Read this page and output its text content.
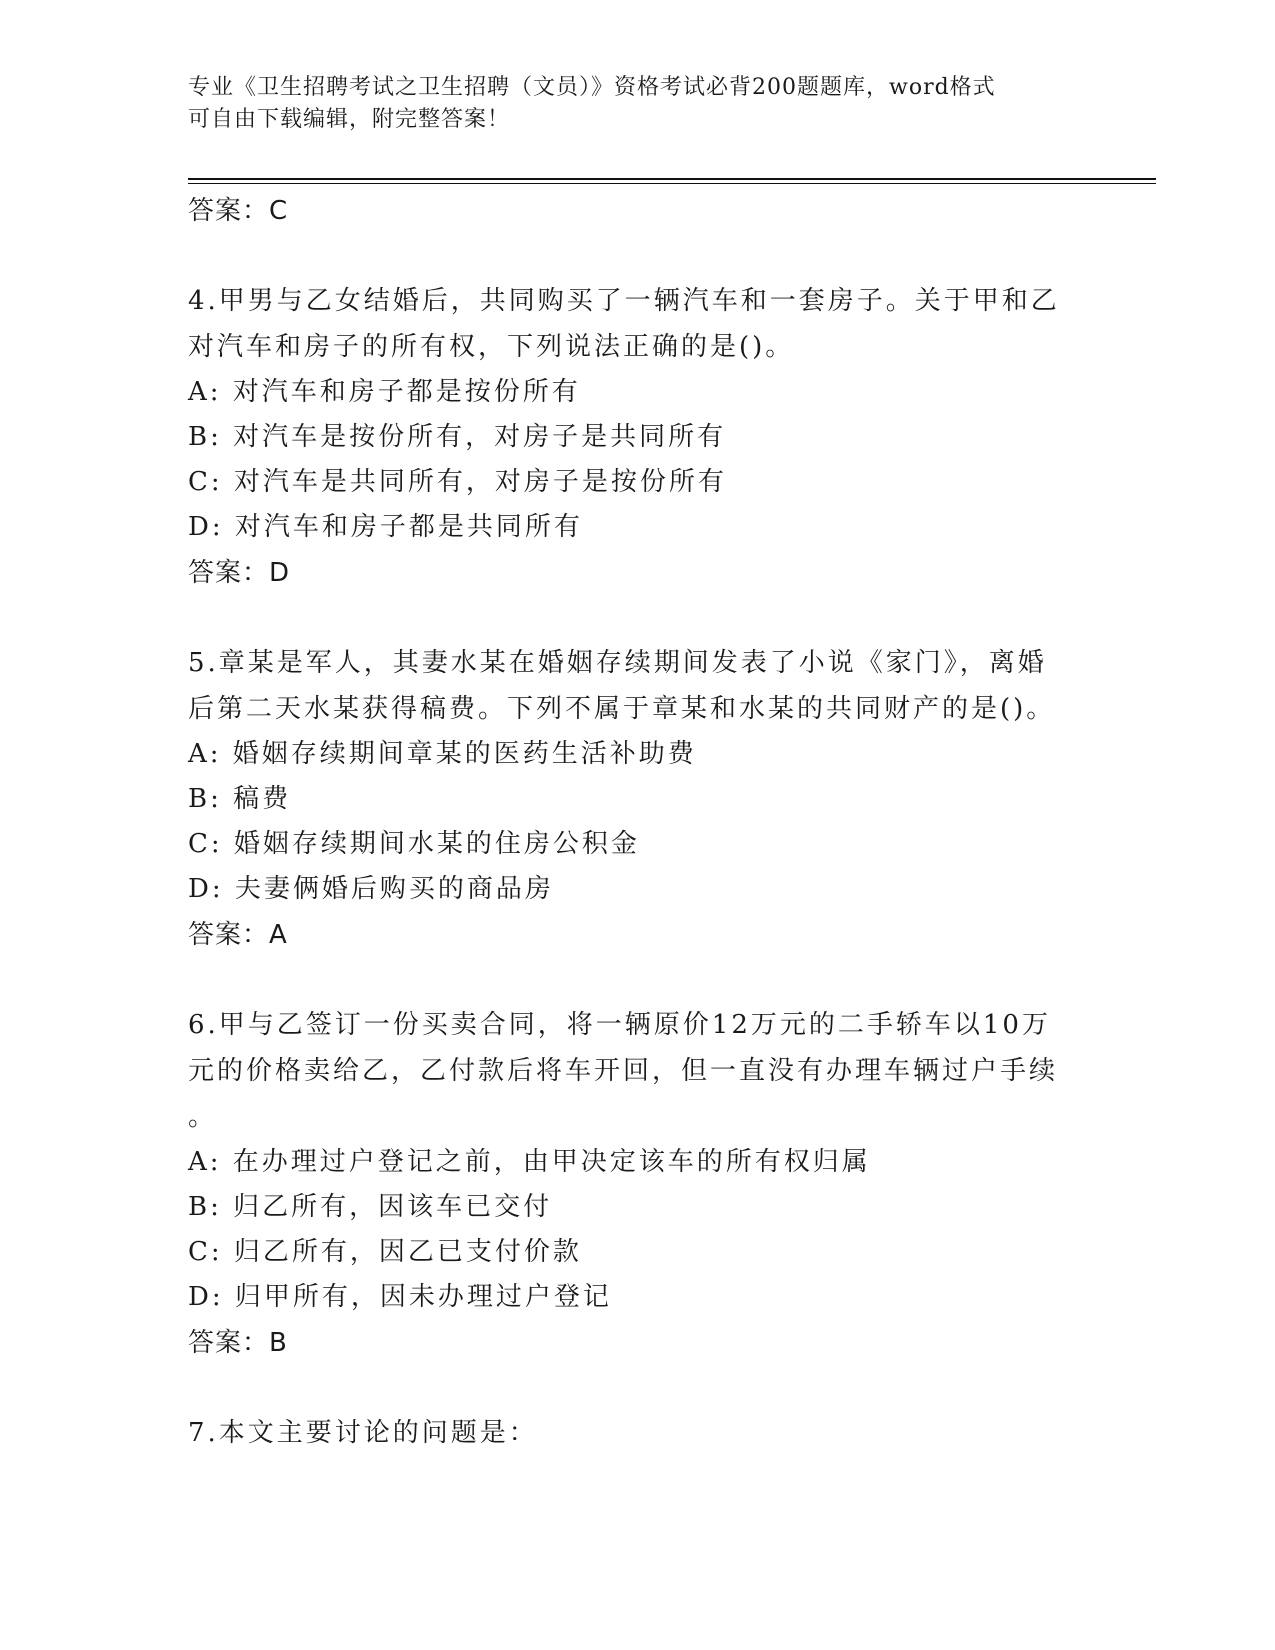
专业《卫生招聘考试之卫生招聘（文员）》资格考试必背200题题库，word格式
可自由下载编辑，附完整答案！

答案：C

4.甲男与乙女结婚后，共同购买了一辆汽车和一套房子。关于甲和乙

对汽车和房子的所有权，下列说法正确的是()。

A: 对汽车和房子都是按份所有

B: 对汽车是按份所有，对房子是共同所有

C: 对汽车是共同所有，对房子是按份所有

D: 对汽车和房子都是共同所有

答案：D

5.章某是军人，其妻水某在婚姻存续期间发表了小说《家门》，离婚

后第二天水某获得稿费。下列不属于章某和水某的共同财产的是()。

A: 婚姻存续期间章某的医药生活补助费

B: 稿费

C: 婚姻存续期间水某的住房公积金

D: 夫妻俩婚后购买的商品房

答案：A

6.甲与乙签订一份买卖合同，将一辆原价12万元的二手轿车以10万

元的价格卖给乙，乙付款后将车开回，但一直没有办理车辆过户手续

。

A: 在办理过户登记之前，由甲决定该车的所有权归属

B: 归乙所有，因该车已交付

C: 归乙所有，因乙已支付价款

D: 归甲所有，因未办理过户登记

答案：B

7.本文主要讨论的问题是：
